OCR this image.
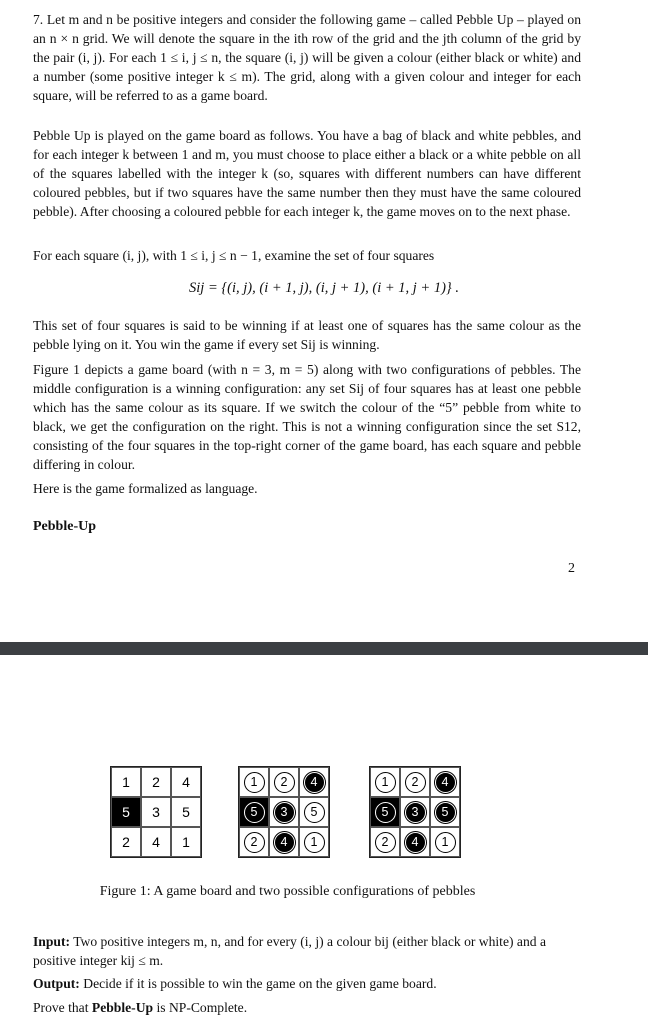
7. Let m and n be positive integers and consider the following game – called Pebble Up – played on an n × n grid. We will denote the square in the ith row of the grid and the jth column of the grid by the pair (i, j). For each 1 ≤ i, j ≤ n, the square (i, j) will be given a colour (either black or white) and a number (some positive integer k ≤ m). The grid, along with a given colour and integer for each square, will be referred to as a game board.

Pebble Up is played on the game board as follows. You have a bag of black and white pebbles, and for each integer k between 1 and m, you must choose to place either a black or a white pebble on all of the squares labelled with the integer k (so, squares with different numbers can have different coloured pebbles, but if two squares have the same number then they must have the same coloured pebble). After choosing a coloured pebble for each integer k, the game moves on to the next phase.

For each square (i, j), with 1 ≤ i, j ≤ n − 1, examine the set of four squares

Sij = {(i, j), (i + 1, j), (i, j + 1), (i + 1, j + 1)} .

This set of four squares is said to be winning if at least one of squares has the same colour as the pebble lying on it. You win the game if every set Sij is winning.

Figure 1 depicts a game board (with n = 3, m = 5) along with two configurations of pebbles. The middle configuration is a winning configuration: any set Sij of four squares has at least one pebble which has the same colour as its square. If we switch the colour of the “5” pebble from white to black, we get the configuration on the right. This is not a winning configuration since the set S12, consisting of the four squares in the top-right corner of the game board, has each square and pebble differing in colour.

Here is the game formalized as language.

Pebble-Up
2
1 2 4
5 3 5
2 4 1
1	2	4
5	3	5
2	4	1
1	2	4
5	3	5
2	4	1
Figure 1: A game board and two possible configurations of pebbles

Input: Two positive integers m, n, and for every (i, j) a colour bij (either black or white) and a positive integer kij ≤ m.

Output: Decide if it is possible to win the game on the given game board.

Prove that Pebble-Up is NP-Complete.
